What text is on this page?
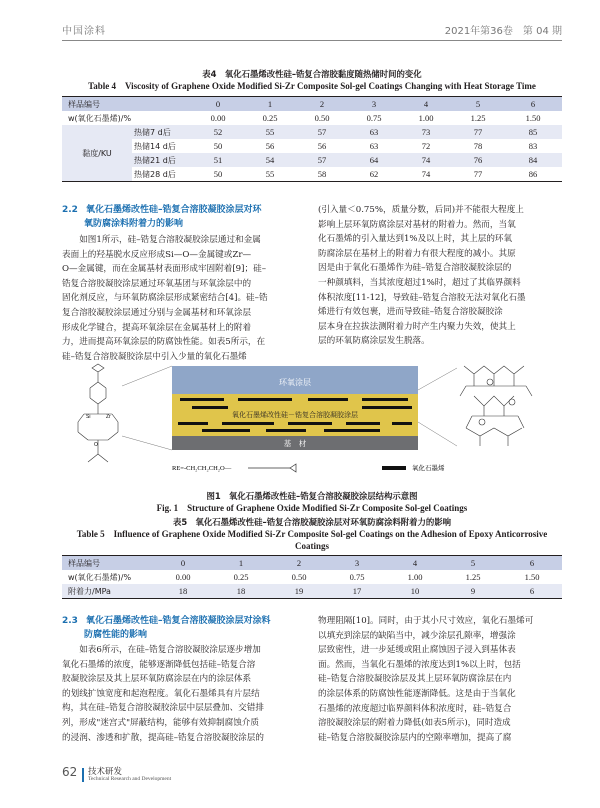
中国涂料	2021年第36卷　第 04 期
表4　氧化石墨烯改性硅–锆复合溶胶黏度随热储时间的变化
Table 4　Viscosity of Graphene Oxide Modified Si-Zr Composite Sol-gel Coatings Changing with Heat Storage Time
样品编号		0	1	2	3	4	5	6
w(氧化石墨烯)/%		0.00	0.25	0.50	0.75	1.00	1.25	1.50
黏度/KU	热储7 d后	52	55	57	63	73	77	85
	热储14 d后	50	56	56	63	72	78	83
	热储21 d后	51	54	57	64	74	76	84
	热储28 d后	50	55	58	62	74	77	86
2.2 氧化石墨烯改性硅–锆复合溶胶凝胶涂层对环
氧防腐涂料附着力的影响
　　如图1所示，硅–锆复合溶胶凝胶涂层通过和金属
表面上的羟基脱水反应形成Si—O—金属键或Zr—
O—金属键，而在金属基材表面形成牢固附着[9]；硅–
锆复合溶胶凝胶涂层通过环氧基团与环氧涂层中的
固化剂反应，与环氧防腐涂层形成紧密结合[4]。硅–锆
复合溶胶凝胶涂层通过分别与金属基材和环氧涂层
形成化学键合，提高环氧涂层在金属基材上的附着
力，进而提高环氧涂层的防腐蚀性能。如表5所示，在
硅–锆复合溶胶凝胶涂层中引入少量的氧化石墨烯
(引入量＜0.75%，质量分数，后同)并不能很大程度上
影响上层环氧防腐涂层对基材的附着力。然而，当氧
化石墨烯的引入量达到1%及以上时，其上层的环氧
防腐涂层在基材上的附着力有很大程度的减小。其原
因是由于氧化石墨烯作为硅–锆复合溶胶凝胶涂层的
一种颜填料，当其浓度超过1%时，超过了其临界颜料
体积浓度[11-12]，导致硅–锆复合溶胶无法对氧化石墨
烯进行有效包裹，进而导致硅–锆复合溶胶凝胶涂
层本身在拉拔法测附着力时产生内聚力失效，使其上
层的环氧防腐涂层发生脱落。
Si	Zr
O
环氧涂层
氧化石墨烯改性硅－锆复合溶胶凝胶涂层
基　材
RE=-CH₂CH₂CH₂O—	氧化石墨烯
图1　氧化石墨烯改性硅–锆复合溶胶凝胶涂层结构示意图
Fig. 1　Structure of Graphene Oxide Modified Si-Zr Composite Sol-gel Coatings
表5　氧化石墨烯改性硅–锆复合溶胶凝胶涂层对环氧防腐涂料附着力的影响
Table 5　Influence of Graphene Oxide Modified Si-Zr Composite Sol-gel Coatings on the Adhesion of Epoxy Anticorrosive
Coatings
样品编号	0	1	2	3	4	5	6
w(氧化石墨烯)/%	0.00	0.25	0.50	0.75	1.00	1.25	1.50
附着力/MPa	18	18	19	17	10	9	6
2.3 氧化石墨烯改性硅–锆复合溶胶凝胶涂层对涂料
防腐性能的影响
　　如表6所示，在硅–锆复合溶胶凝胶涂层逐步增加
氧化石墨烯的浓度，能够逐渐降低包括硅–锆复合溶
胶凝胶涂层及其上层环氧防腐涂层在内的涂层体系
的划线扩蚀宽度和起泡程度。氧化石墨烯具有片层结
构，其在硅–锆复合溶胶凝胶涂层中层层叠加、交错排
列，形成"迷宫式"屏蔽结构，能够有效抑制腐蚀介质
的浸润、渗透和扩散，提高硅–锆复合溶胶凝胶涂层的
物理阻隔[10]。同时，由于其小尺寸效应，氧化石墨烯可
以填充到涂层的缺陷当中，减少涂层孔隙率，增强涂
层致密性，进一步延缓或阻止腐蚀因子浸入到基体表
面。然而，当氧化石墨烯的浓度达到1%以上时，包括
硅–锆复合溶胶凝胶涂层及其上层环氧防腐涂层在内
的涂层体系的防腐蚀性能逐渐降低。这是由于当氧化
石墨烯的浓度超过临界颜料体积浓度时，硅–锆复合
溶胶凝胶涂层的附着力降低(如表5所示)，同时造成
硅–锆复合溶胶凝胶涂层内的空隙率增加，提高了腐
62 技术研发
Technical Research and Development
